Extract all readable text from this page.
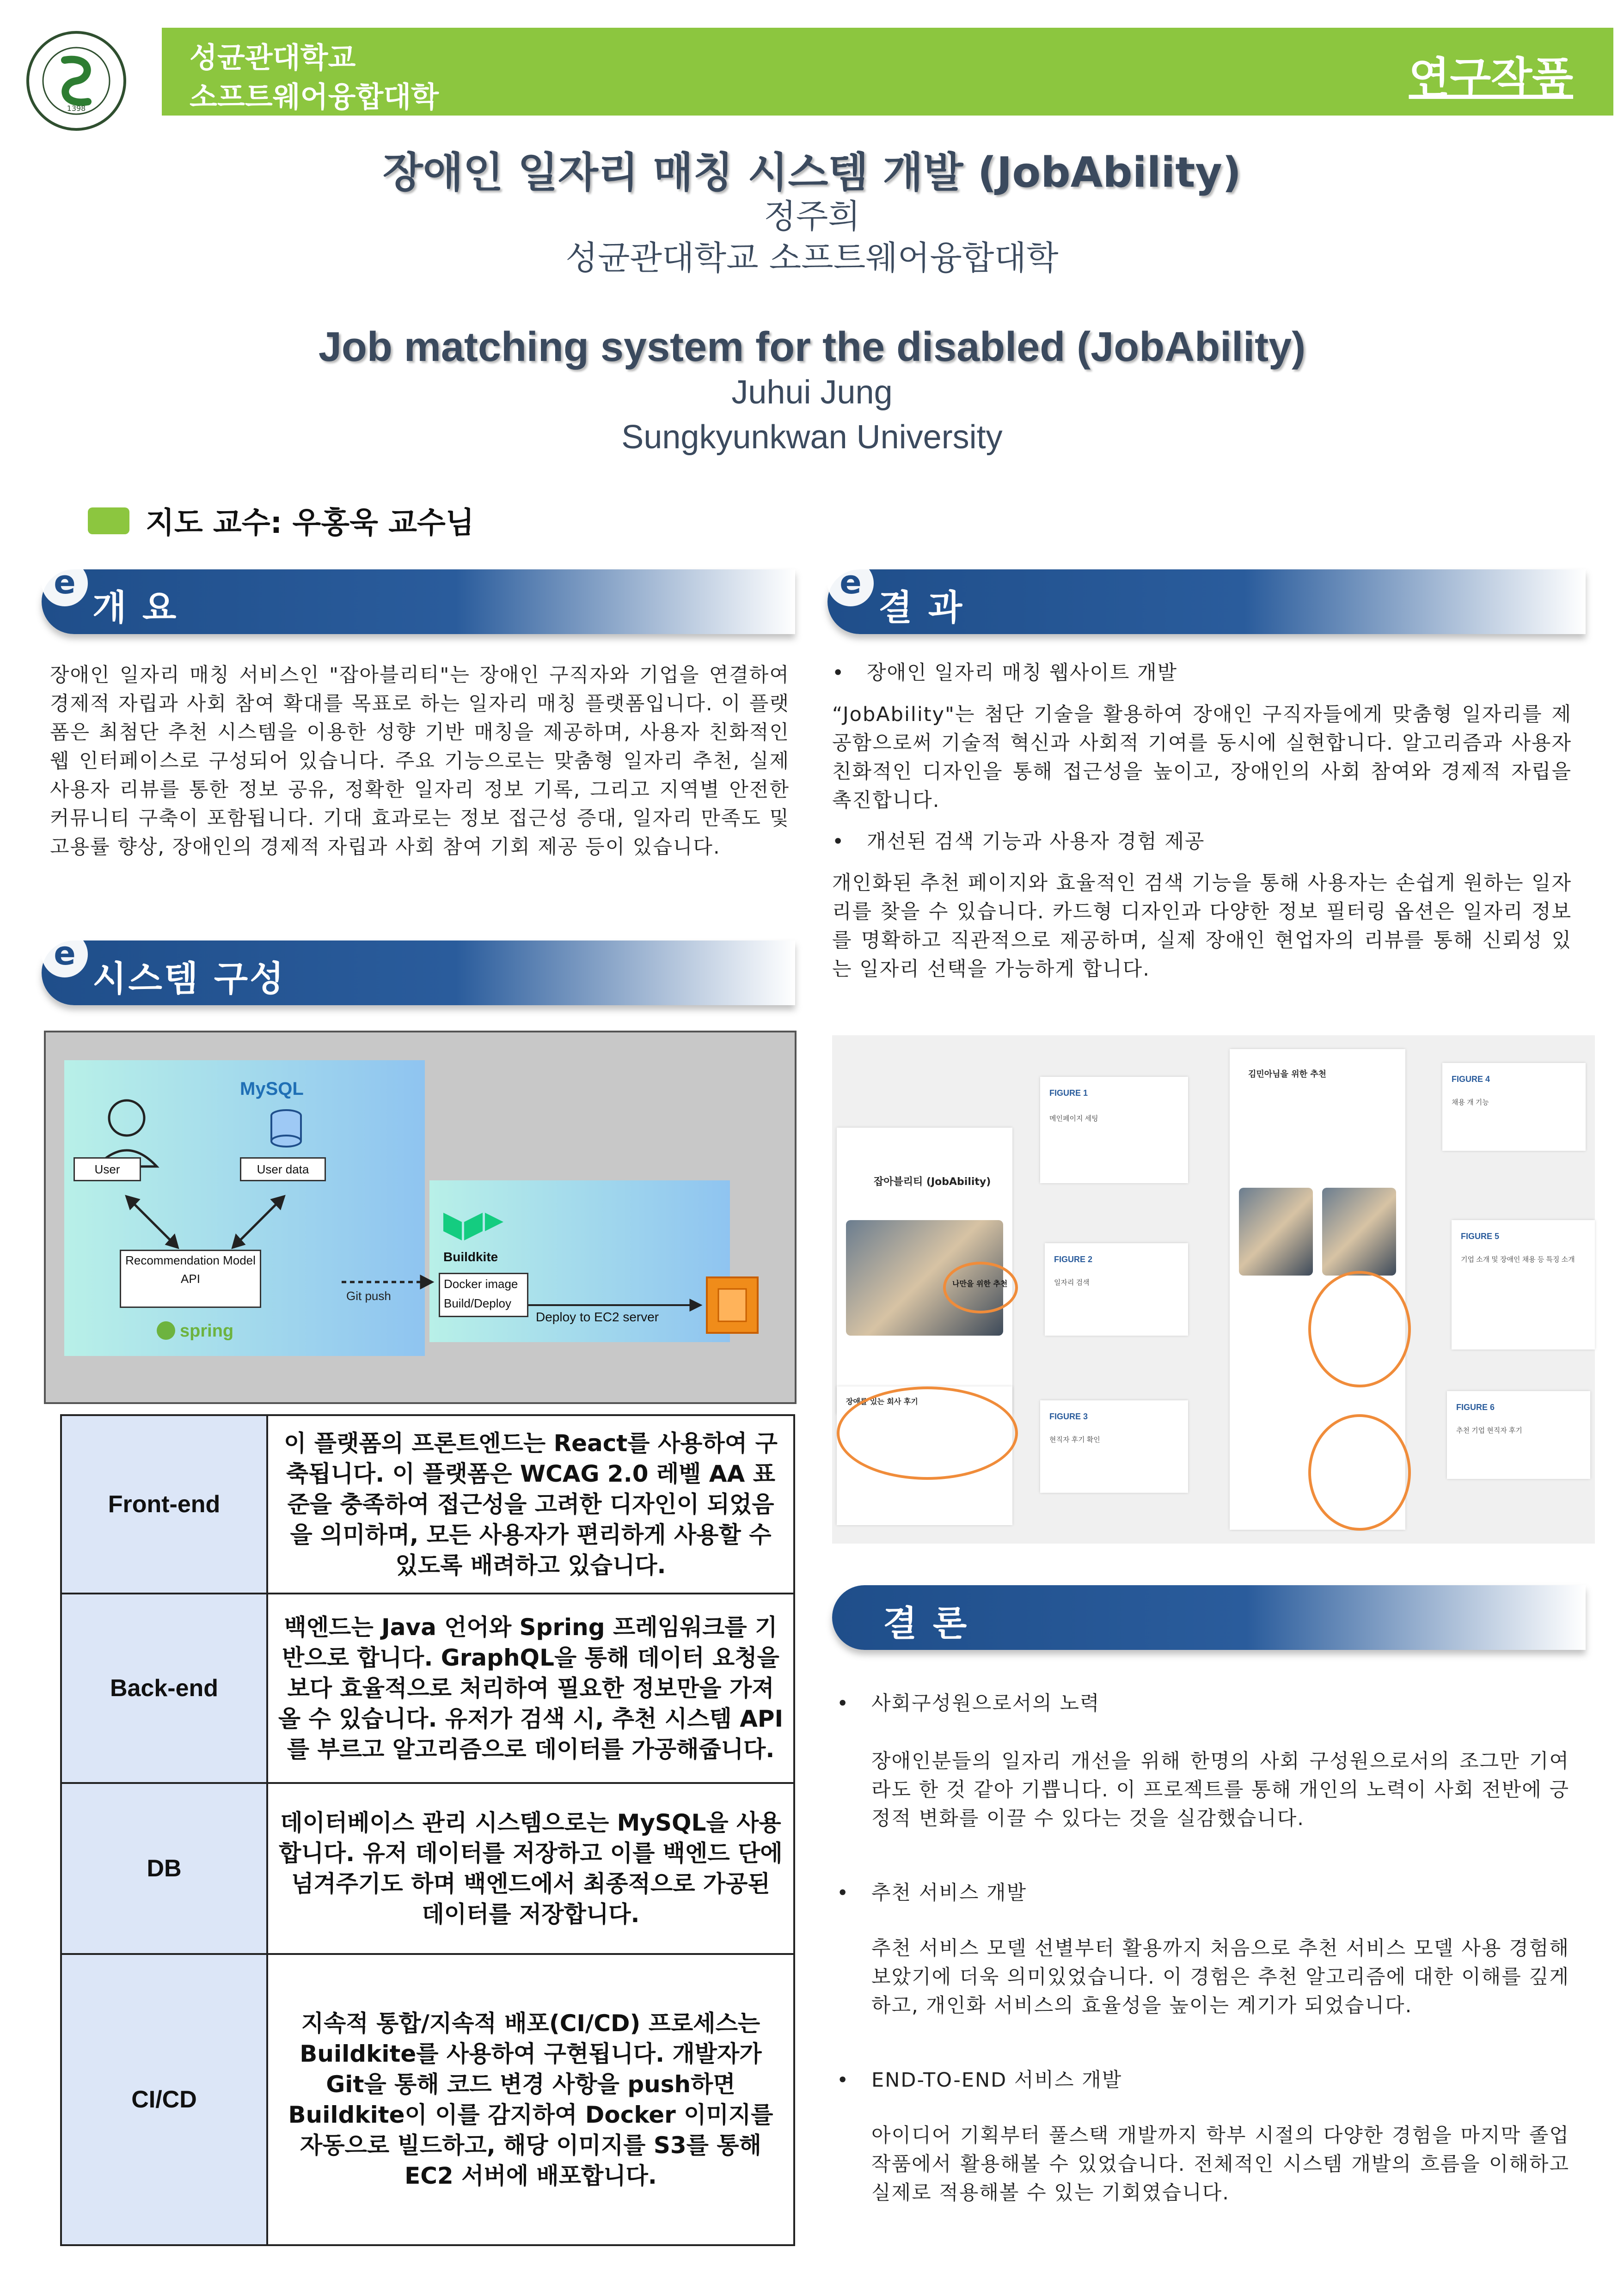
1398
성균관대학교
소프트웨어융합대학	연구작품
장애인 일자리 매칭 시스템 개발 (JobAbility)
정주희
성균관대학교 소프트웨어융합대학
Job matching system for the disabled (JobAbility)
Juhui Jung
Sungkyunkwan University
지도 교수: 우홍욱 교수님
e
개 요
장애인 일자리 매칭 서비스인 "잡아블리티"는 장애인 구직자와 기업을 연결하여 경제적 자립과 사회 참여 확대를 목표로 하는 일자리 매칭 플랫폼입니다. 이 플랫폼은 최첨단 추천 시스템을 이용한 성향 기반 매칭을 제공하며, 사용자 친화적인 웹 인터페이스로 구성되어 있습니다. 주요 기능으로는 맞춤형 일자리 추천, 실제 사용자 리뷰를 통한 정보 공유, 정확한 일자리 정보 기록, 그리고 지역별 안전한 커뮤니티 구축이 포함됩니다. 기대 효과로는 정보 접근성 증대, 일자리 만족도 및 고용률 향상, 장애인의 경제적 자립과 사회 참여 기회 제공 등이 있습니다.
e
시스템 구성
User
MySQL
User data
Recommendation Model API
spring
Git push
Buildkite
Docker image Build/Deploy
Deploy to EC2 server
Front-end	이 플랫폼의 프론트엔드는 React를 사용하여 구축됩니다. 이 플랫폼은 WCAG 2.0 레벨 AA 표준을 충족하여 접근성을 고려한 디자인이 되었음을 의미하며, 모든 사용자가 편리하게 사용할 수 있도록 배려하고 있습니다.
Back-end	백엔드는 Java 언어와 Spring 프레임워크를 기반으로 합니다. GraphQL을 통해 데이터 요청을 보다 효율적으로 처리하여 필요한 정보만을 가져올 수 있습니다. 유저가 검색 시, 추천 시스템 API를 부르고 알고리즘으로 데이터를 가공해줍니다.
DB	데이터베이스 관리 시스템으로는 MySQL을 사용합니다. 유저 데이터를 저장하고 이를 백엔드 단에 넘겨주기도 하며 백엔드에서 최종적으로 가공된 데이터를 저장합니다.
CI/CD	지속적 통합/지속적 배포(CI/CD) 프로세스는 Buildkite를 사용하여 구현됩니다. 개발자가 Git을 통해 코드 변경 사항을 push하면 Buildkite이 이를 감지하여 Docker 이미지를 자동으로 빌드하고, 해당 이미지를 S3를 통해 EC2 서버에 배포합니다.
e
결 과
• 장애인 일자리 매칭 웹사이트 개발
“JobAbility"는 첨단 기술을 활용하여 장애인 구직자들에게 맞춤형 일자리를 제공함으로써 기술적 혁신과 사회적 기여를 동시에 실현합니다. 알고리즘과 사용자 친화적인 디자인을 통해 접근성을 높이고, 장애인의 사회 참여와 경제적 자립을 촉진합니다.
• 개선된 검색 기능과 사용자 경험 제공
개인화된 추천 페이지와 효율적인 검색 기능을 통해 사용자는 손쉽게 원하는 일자리를 찾을 수 있습니다. 카드형 디자인과 다양한 정보 필터링 옵션은 일자리 정보를 명확하고 직관적으로 제공하며, 실제 장애인 현업자의 리뷰를 통해 신뢰성 있는 일자리 선택을 가능하게 합니다.
잡아블리티 (JobAbility)
나만을 위한 추천
장애를 있는 회사 후기
FIGURE 1
메인페이지 세팅
FIGURE 2
일자리 검색
FIGURE 3
현직자 후기 확인
김민아님을 위한 추천	FIGURE 4
채용 개 기능
FIGURE 5
기업 소개 및 장애인 채용 등 특징 소개
FIGURE 6
추천 기업 현직자 후기
결 론
• 사회구성원으로서의 노력
장애인분들의 일자리 개선을 위해 한명의 사회 구성원으로서의 조그만 기여라도 한 것 같아 기쁩니다. 이 프로젝트를 통해 개인의 노력이 사회 전반에 긍정적 변화를 이끌 수 있다는 것을 실감했습니다.
• 추천 서비스 개발
추천 서비스 모델 선별부터 활용까지 처음으로 추천 서비스 모델 사용 경험해보았기에 더욱 의미있었습니다. 이 경험은 추천 알고리즘에 대한 이해를 깊게 하고, 개인화 서비스의 효율성을 높이는 계기가 되었습니다.
• END-TO-END 서비스 개발
아이디어 기획부터 풀스택 개발까지 학부 시절의 다양한 경험을 마지막 졸업 작품에서 활용해볼 수 있었습니다. 전체적인 시스템 개발의 흐름을 이해하고 실제로 적용해볼 수 있는 기회였습니다.
